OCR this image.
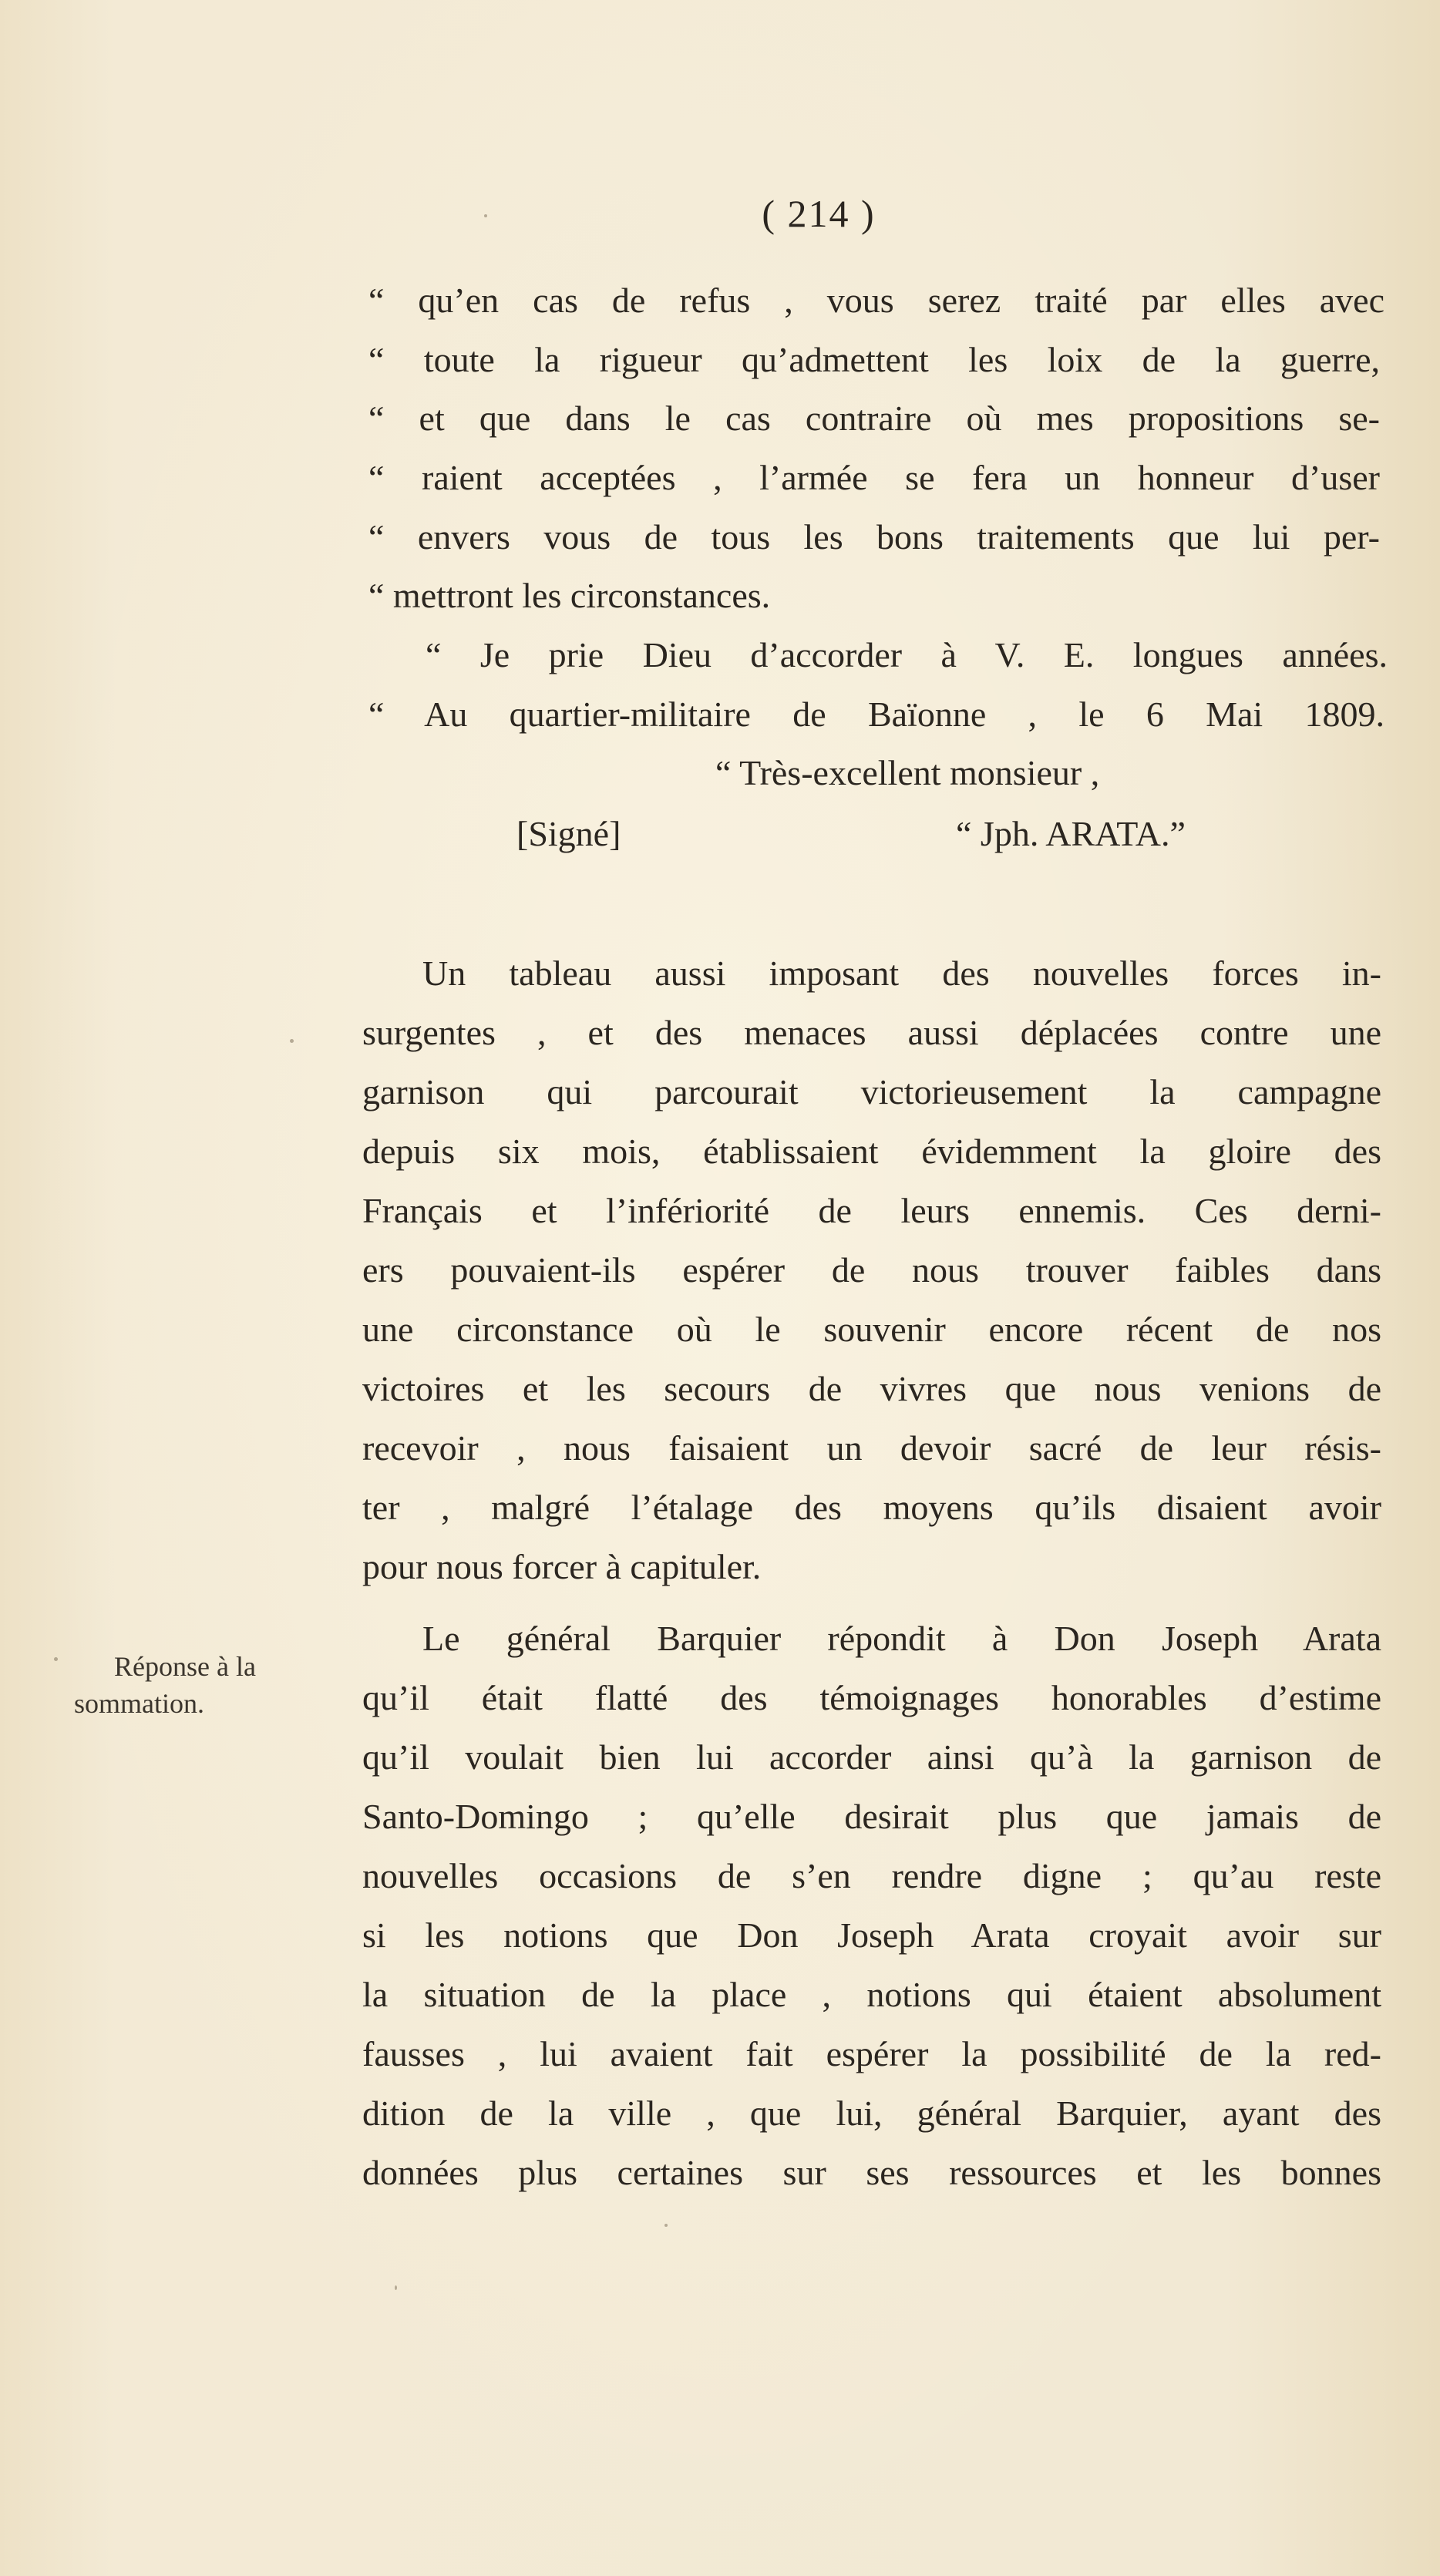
( 214 )
“ qu’en cas de refus , vous serez traité par elles avec
“ toute la rigueur qu’admettent les loix de la guerre,
“ et que dans le cas contraire où mes propositions se-
“ raient acceptées , l’armée se fera un honneur d’user
“ envers vous de tous les bons traitements que lui per-
“ mettront les circonstances.
“ Je prie Dieu d’accorder à V. E. longues années.
“ Au quartier-militaire de Baïonne , le 6 Mai 1809.
“ Très-excellent monsieur ,
[Signé]	“ Jph. ARATA.”
Un tableau aussi imposant des nouvelles forces in-
surgentes , et des menaces aussi déplacées contre une
garnison qui parcourait victorieusement la campagne
depuis six mois, établissaient évidemment la gloire des
Français et l’infériorité de leurs ennemis. Ces derni-
ers pouvaient-ils espérer de nous trouver faibles dans
une circonstance où le souvenir encore récent de nos
victoires et les secours de vivres que nous venions de
recevoir , nous faisaient un devoir sacré de leur résis-
ter , malgré l’étalage des moyens qu’ils disaient avoir
pour nous forcer à capituler.
Réponse à la
sommation.
Le général Barquier répondit à Don Joseph Arata
qu’il était flatté des témoignages honorables d’estime
qu’il voulait bien lui accorder ainsi qu’à la garnison de
Santo-Domingo ; qu’elle desirait plus que jamais de
nouvelles occasions de s’en rendre digne ; qu’au reste
si les notions que Don Joseph Arata croyait avoir sur
la situation de la place , notions qui étaient absolument
fausses , lui avaient fait espérer la possibilité de la red-
dition de la ville , que lui, général Barquier, ayant des
données plus certaines sur ses ressources et les bonnes
